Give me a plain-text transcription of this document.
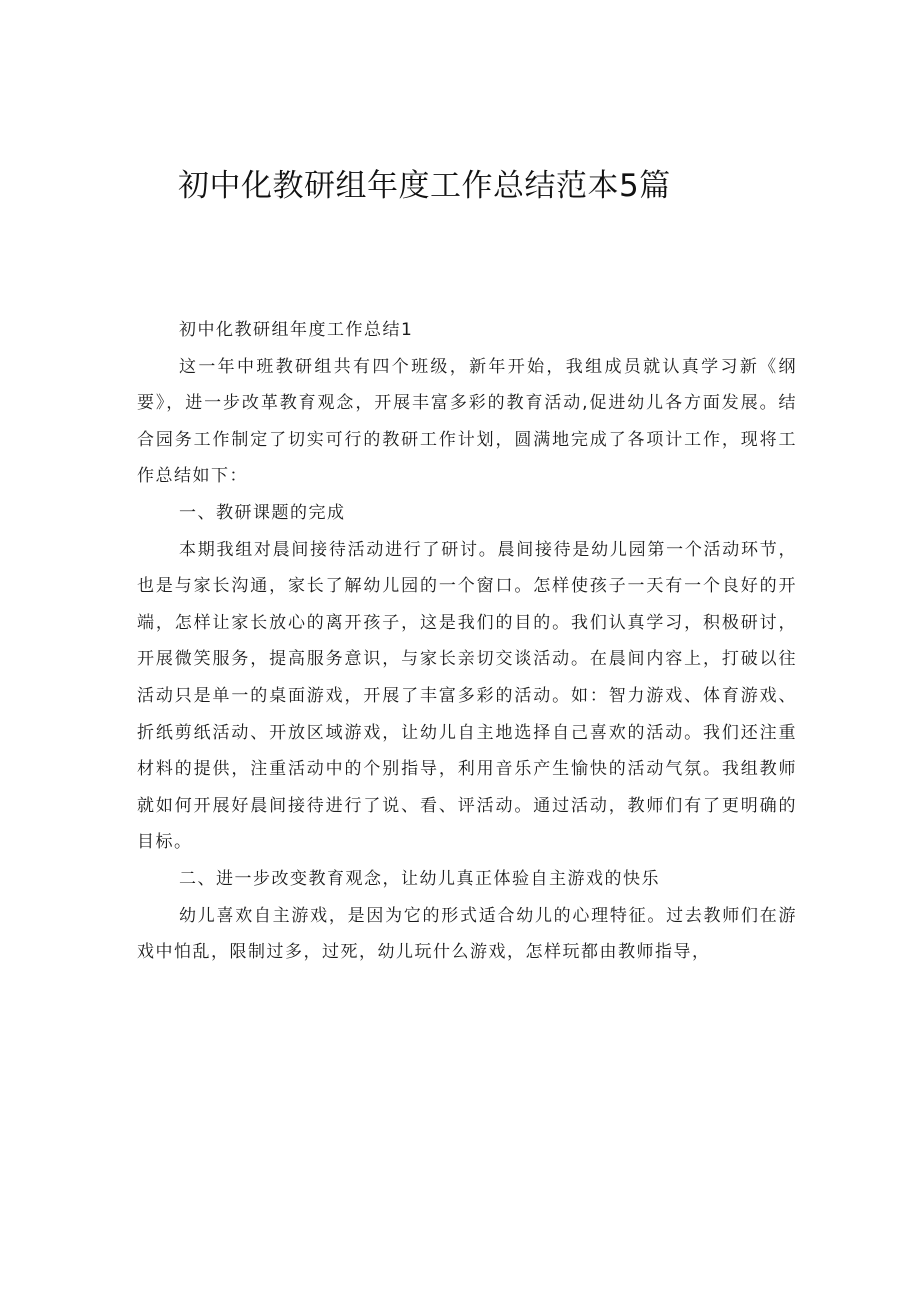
初中化教研组年度工作总结范本5篇

初中化教研组年度工作总结1

这一年中班教研组共有四个班级，新年开始，我组成员就认真学习新《纲要》，进一步改革教育观念，开展丰富多彩的教育活动,促进幼儿各方面发展。结合园务工作制定了切实可行的教研工作计划，圆满地完成了各项计工作，现将工作总结如下：

一、教研课题的完成

本期我组对晨间接待活动进行了研讨。晨间接待是幼儿园第一个活动环节，也是与家长沟通，家长了解幼儿园的一个窗口。怎样使孩子一天有一个良好的开端，怎样让家长放心的离开孩子，这是我们的目的。我们认真学习，积极研讨，开展微笑服务，提高服务意识，与家长亲切交谈活动。在晨间内容上，打破以往活动只是单一的桌面游戏，开展了丰富多彩的活动。如：智力游戏、体育游戏、折纸剪纸活动、开放区域游戏，让幼儿自主地选择自己喜欢的活动。我们还注重材料的提供，注重活动中的个别指导，利用音乐产生愉快的活动气氛。我组教师就如何开展好晨间接待进行了说、看、评活动。通过活动，教师们有了更明确的目标。

二、进一步改变教育观念，让幼儿真正体验自主游戏的快乐

幼儿喜欢自主游戏，是因为它的形式适合幼儿的心理特征。过去教师们在游戏中怕乱，限制过多，过死，幼儿玩什么游戏，怎样玩都由教师指导，
